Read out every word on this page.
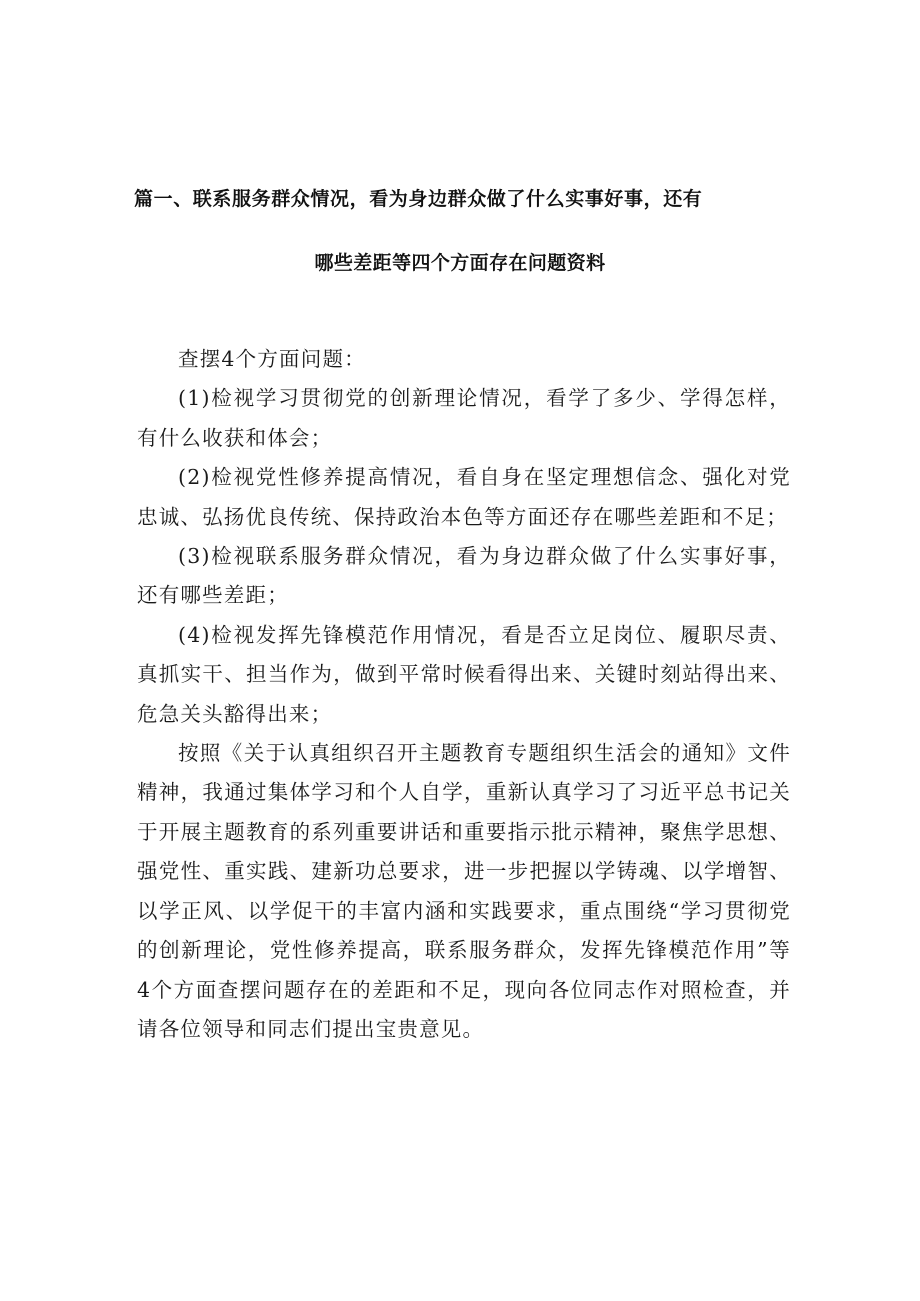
篇一、联系服务群众情况，看为身边群众做了什么实事好事，还有
哪些差距等四个方面存在问题资料

查摆4个方面问题：

(1)检视学习贯彻党的创新理论情况，看学了多少、学得怎样，有什么收获和体会；

(2)检视党性修养提高情况，看自身在坚定理想信念、强化对党忠诚、弘扬优良传统、保持政治本色等方面还存在哪些差距和不足；

(3)检视联系服务群众情况，看为身边群众做了什么实事好事，还有哪些差距；

(4)检视发挥先锋模范作用情况，看是否立足岗位、履职尽责、真抓实干、担当作为，做到平常时候看得出来、关键时刻站得出来、危急关头豁得出来；

按照《关于认真组织召开主题教育专题组织生活会的通知》文件精神，我通过集体学习和个人自学，重新认真学习了习近平总书记关于开展主题教育的系列重要讲话和重要指示批示精神，聚焦学思想、强党性、重实践、建新功总要求，进一步把握以学铸魂、以学增智、以学正风、以学促干的丰富内涵和实践要求，重点围绕“学习贯彻党的创新理论，党性修养提高，联系服务群众，发挥先锋模范作用”等4个方面查摆问题存在的差距和不足，现向各位同志作对照检查，并请各位领导和同志们提出宝贵意见。
